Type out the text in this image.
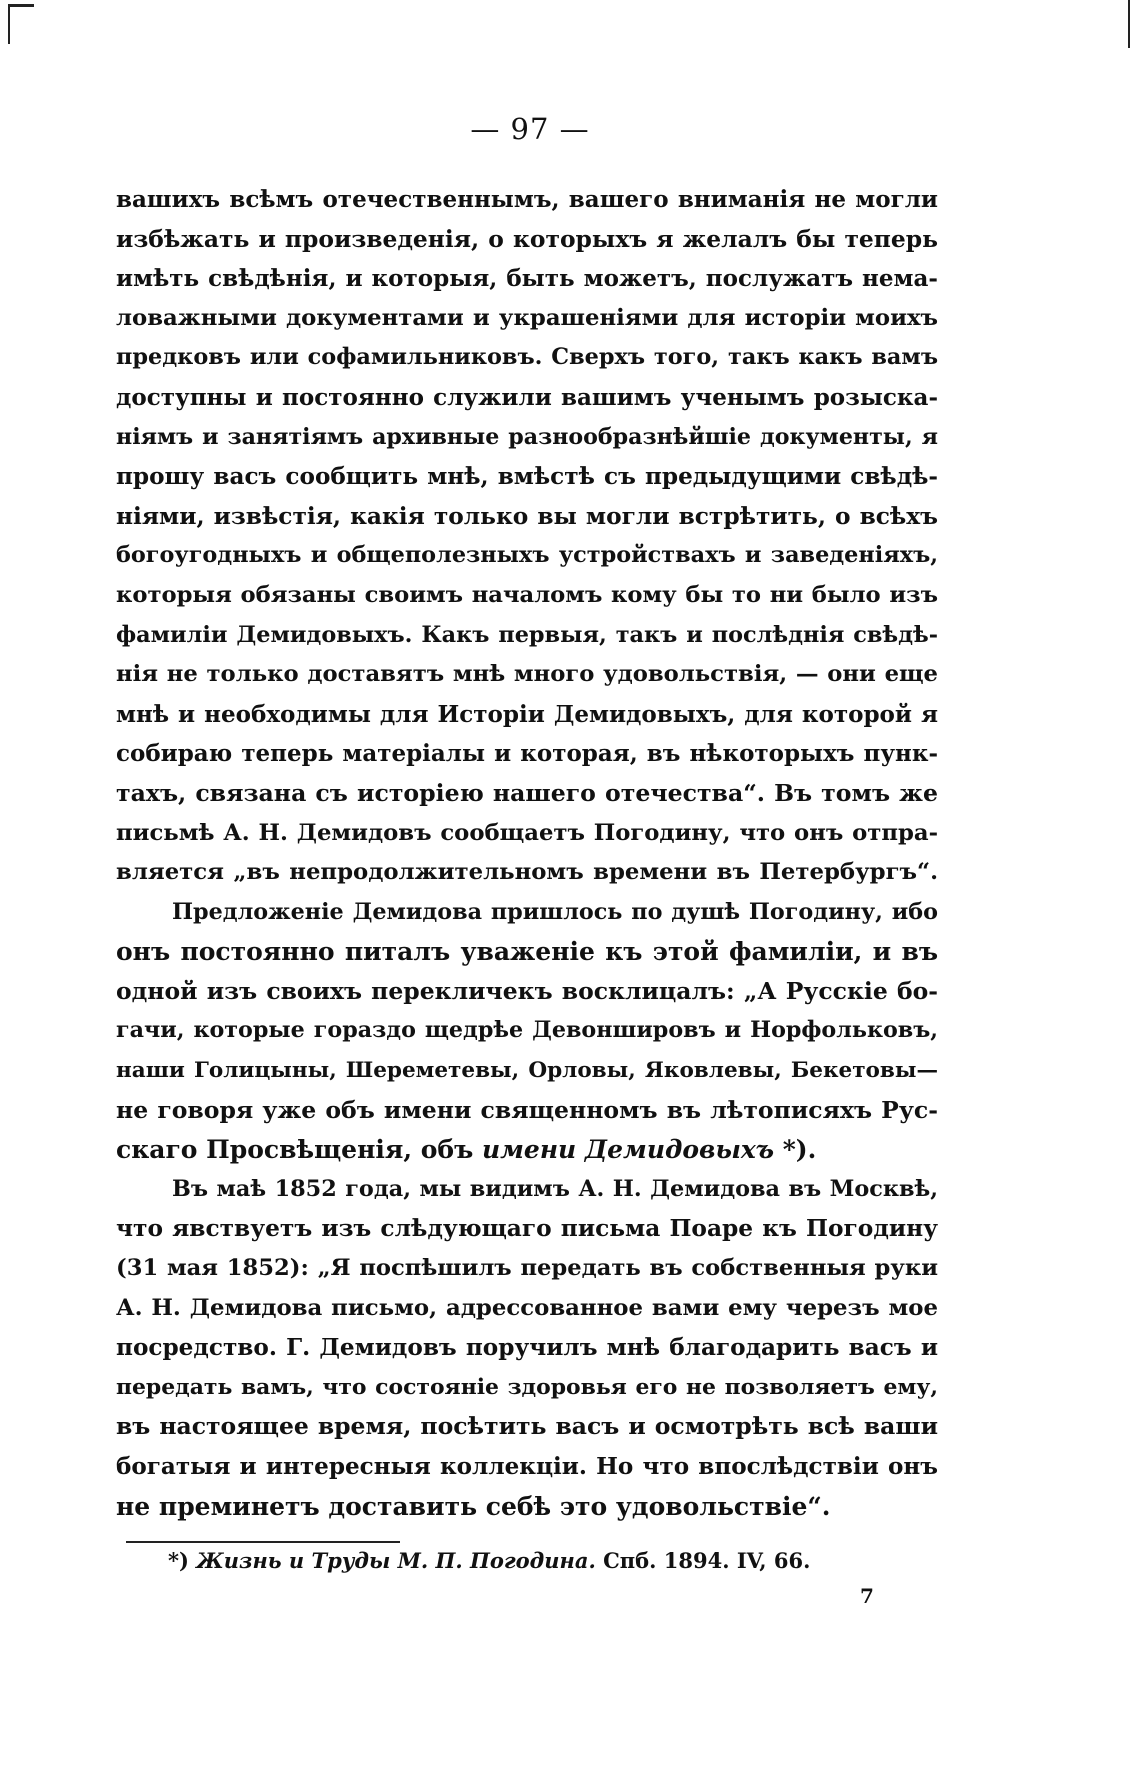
— 97 —
вашихъ всѣмъ отечественнымъ, вашего вниманія не могли
избѣжать и произведенія, о которыхъ я желалъ бы теперь
имѣть свѣдѣнія, и которыя, быть можетъ, послужатъ нема-
ловажными документами и украшеніями для исторіи моихъ
предковъ или софамильниковъ. Сверхъ того, такъ какъ вамъ
доступны и постоянно служили вашимъ ученымъ розыска-
ніямъ и занятіямъ архивные разнообразнѣйшіе документы, я
прошу васъ сообщить мнѣ, вмѣстѣ съ предыдущими свѣдѣ-
ніями, извѣстія, какія только вы могли встрѣтить, о всѣхъ
богоугодныхъ и общеполезныхъ устройствахъ и заведеніяхъ,
которыя обязаны своимъ началомъ кому бы то ни было изъ
фамиліи Демидовыхъ. Какъ первыя, такъ и послѣднія свѣдѣ-
нія не только доставятъ мнѣ много удовольствія, — они еще
мнѣ и необходимы для Исторіи Демидовыхъ, для которой я
собираю теперь матеріалы и которая, въ нѣкоторыхъ пунк-
тахъ, связана съ исторіею нашего отечества“. Въ томъ же
письмѣ А. Н. Демидовъ сообщаетъ Погодину, что онъ отпра-
вляется „въ непродолжительномъ времени въ Петербургъ“.
Предложеніе Демидова пришлось по душѣ Погодину, ибо
онъ постоянно питалъ уваженіе къ этой фамиліи, и въ
одной изъ своихъ перекличекъ восклицалъ: „А Русскіе бо-
гачи, которые гораздо щедрѣе Девоншировъ и Норфольковъ,
наши Голицыны, Шереметевы, Орловы, Яковлевы, Бекетовы—
не говоря уже объ имени священномъ въ лѣтописяхъ Рус-
скаго Просвѣщенія, объ имени Демидовыхъ *).
Въ маѣ 1852 года, мы видимъ А. Н. Демидова въ Москвѣ,
что явствуетъ изъ слѣдующаго письма Поаре къ Погодину
(31 мая 1852): „Я поспѣшилъ передать въ собственныя руки
А. Н. Демидова письмо, адрессованное вами ему черезъ мое
посредство. Г. Демидовъ поручилъ мнѣ благодарить васъ и
передать вамъ, что состояніе здоровья его не позволяетъ ему,
въ настоящее время, посѣтить васъ и осмотрѣть всѣ ваши
богатыя и интересныя коллекціи. Но что впослѣдствіи онъ
не преминетъ доставить себѣ это удовольствіе“.
*) Жизнь и Труды М. П. Погодина. Спб. 1894. IV, 66.
7
